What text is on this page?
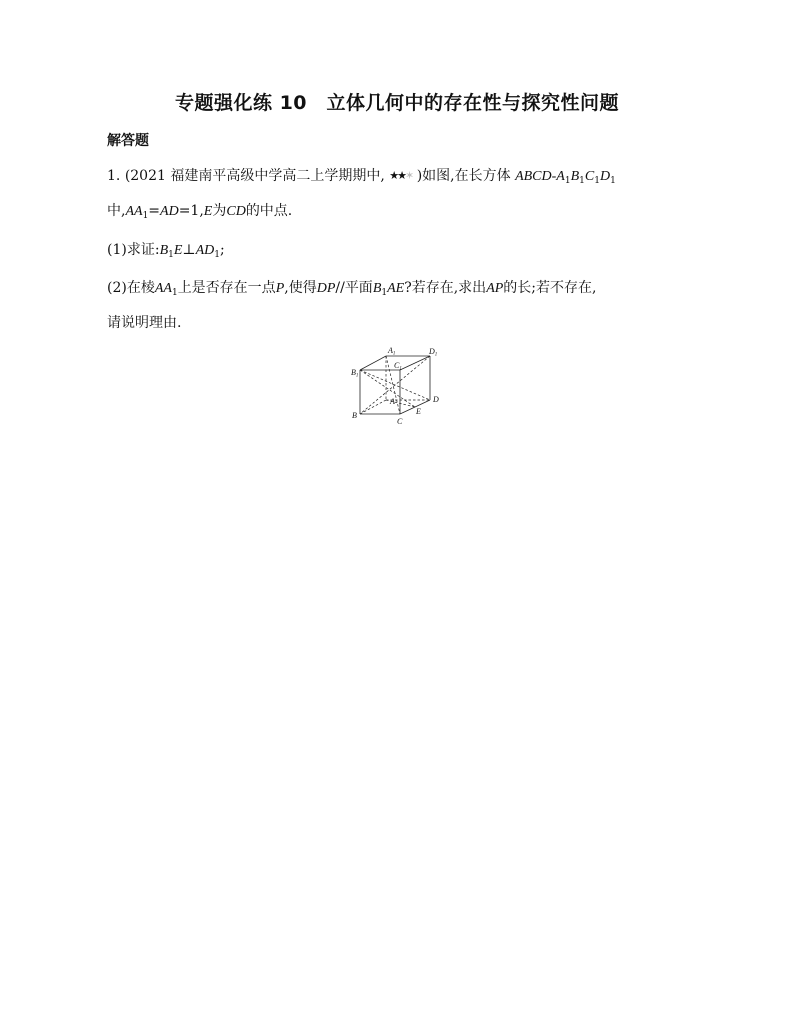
专题强化练 10　立体几何中的存在性与探究性问题
解答题
1. (2021 福建南平高级中学高二上学期期中, ★★✶ )如图,在长方体 ABCD-$A_1B_1C_1D_1$
中$,AA_1=AD=1,E$为CD的中点.
(1)求证$:B_1E\perp AD_1$;
(2)在棱$AA_1$上是否存在一点P,使得DP//平面$B_1AE$?若存在,求出AP的长;若不存在,
请说明理由.
A1	D1
B1
C1
A
B
C
D
E
